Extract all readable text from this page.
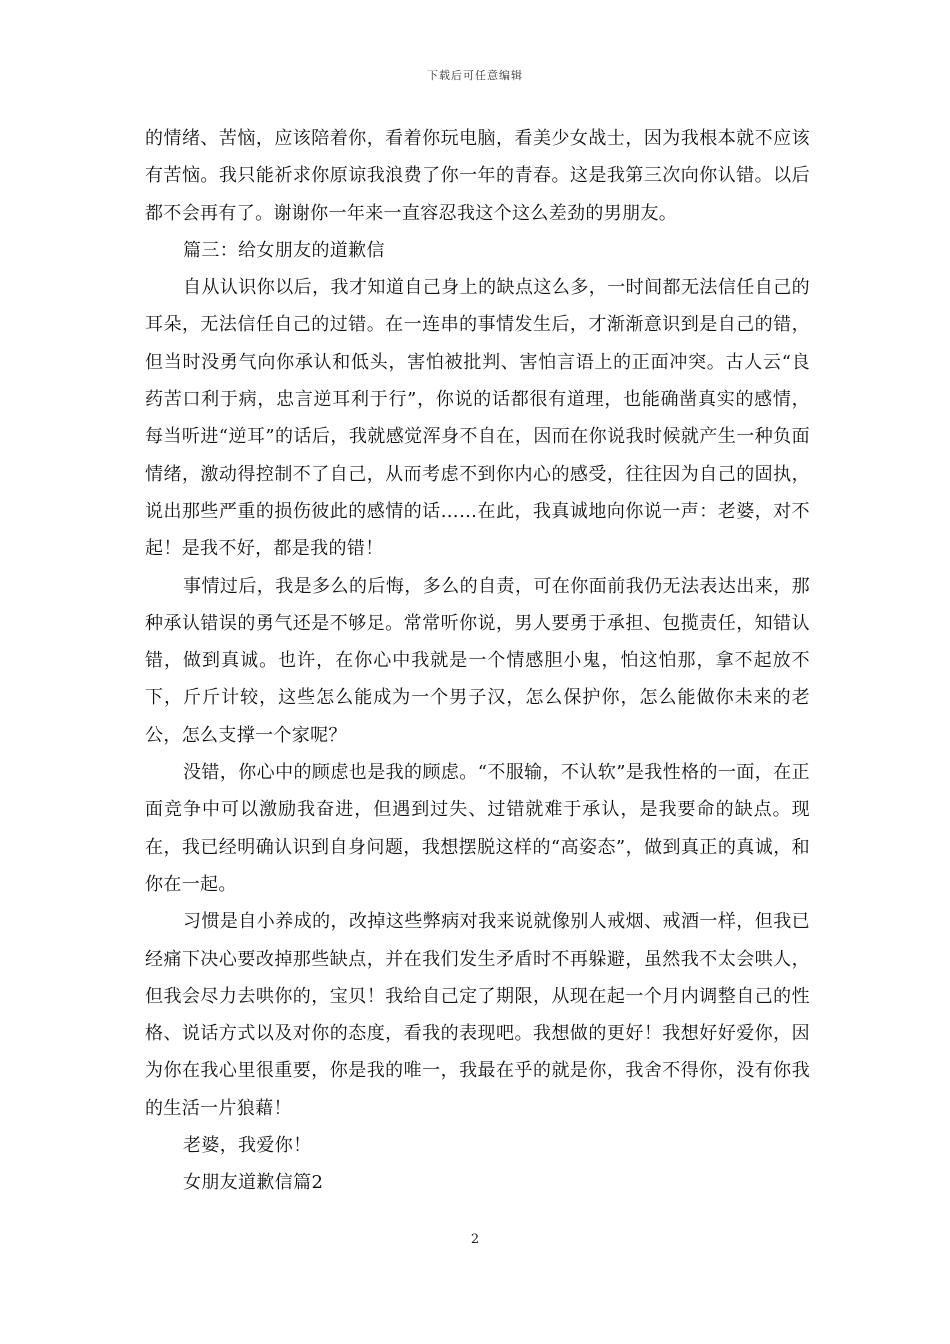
下载后可任意编辑

的情绪、苦恼，应该陪着你，看着你玩电脑，看美少女战士，因为我根本就不应该有苦恼。我只能祈求你原谅我浪费了你一年的青春。这是我第三次向你认错。以后都不会再有了。谢谢你一年来一直容忍我这个这么差劲的男朋友。

篇三：给女朋友的道歉信

自从认识你以后，我才知道自己身上的缺点这么多，一时间都无法信任自己的耳朵，无法信任自己的过错。在一连串的事情发生后，才渐渐意识到是自己的错，但当时没勇气向你承认和低头，害怕被批判、害怕言语上的正面冲突。古人云“良药苦口利于病，忠言逆耳利于行”，你说的话都很有道理，也能确凿真实的感情，每当听进“逆耳”的话后，我就感觉浑身不自在，因而在你说我时候就产生一种负面情绪，激动得控制不了自己，从而考虑不到你内心的感受，往往因为自己的固执，说出那些严重的损伤彼此的感情的话……在此，我真诚地向你说一声：老婆，对不起！是我不好，都是我的错！

事情过后，我是多么的后悔，多么的自责，可在你面前我仍无法表达出来，那种承认错误的勇气还是不够足。常常听你说，男人要勇于承担、包揽责任，知错认错，做到真诚。也许，在你心中我就是一个情感胆小鬼，怕这怕那，拿不起放不下，斤斤计较，这些怎么能成为一个男子汉，怎么保护你，怎么能做你未来的老公，怎么支撑一个家呢？

没错，你心中的顾虑也是我的顾虑。“不服输，不认软”是我性格的一面，在正面竞争中可以激励我奋进，但遇到过失、过错就难于承认，是我要命的缺点。现在，我已经明确认识到自身问题，我想摆脱这样的“高姿态”，做到真正的真诚，和你在一起。

习惯是自小养成的，改掉这些弊病对我来说就像别人戒烟、戒酒一样，但我已经痛下决心要改掉那些缺点，并在我们发生矛盾时不再躲避，虽然我不太会哄人，但我会尽力去哄你的，宝贝！我给自己定了期限，从现在起一个月内调整自己的性格、说话方式以及对你的态度，看我的表现吧。我想做的更好！我想好好爱你，因为你在我心里很重要，你是我的唯一，我最在乎的就是你，我舍不得你，没有你我的生活一片狼藉！

老婆，我爱你！

女朋友道歉信篇2

2
